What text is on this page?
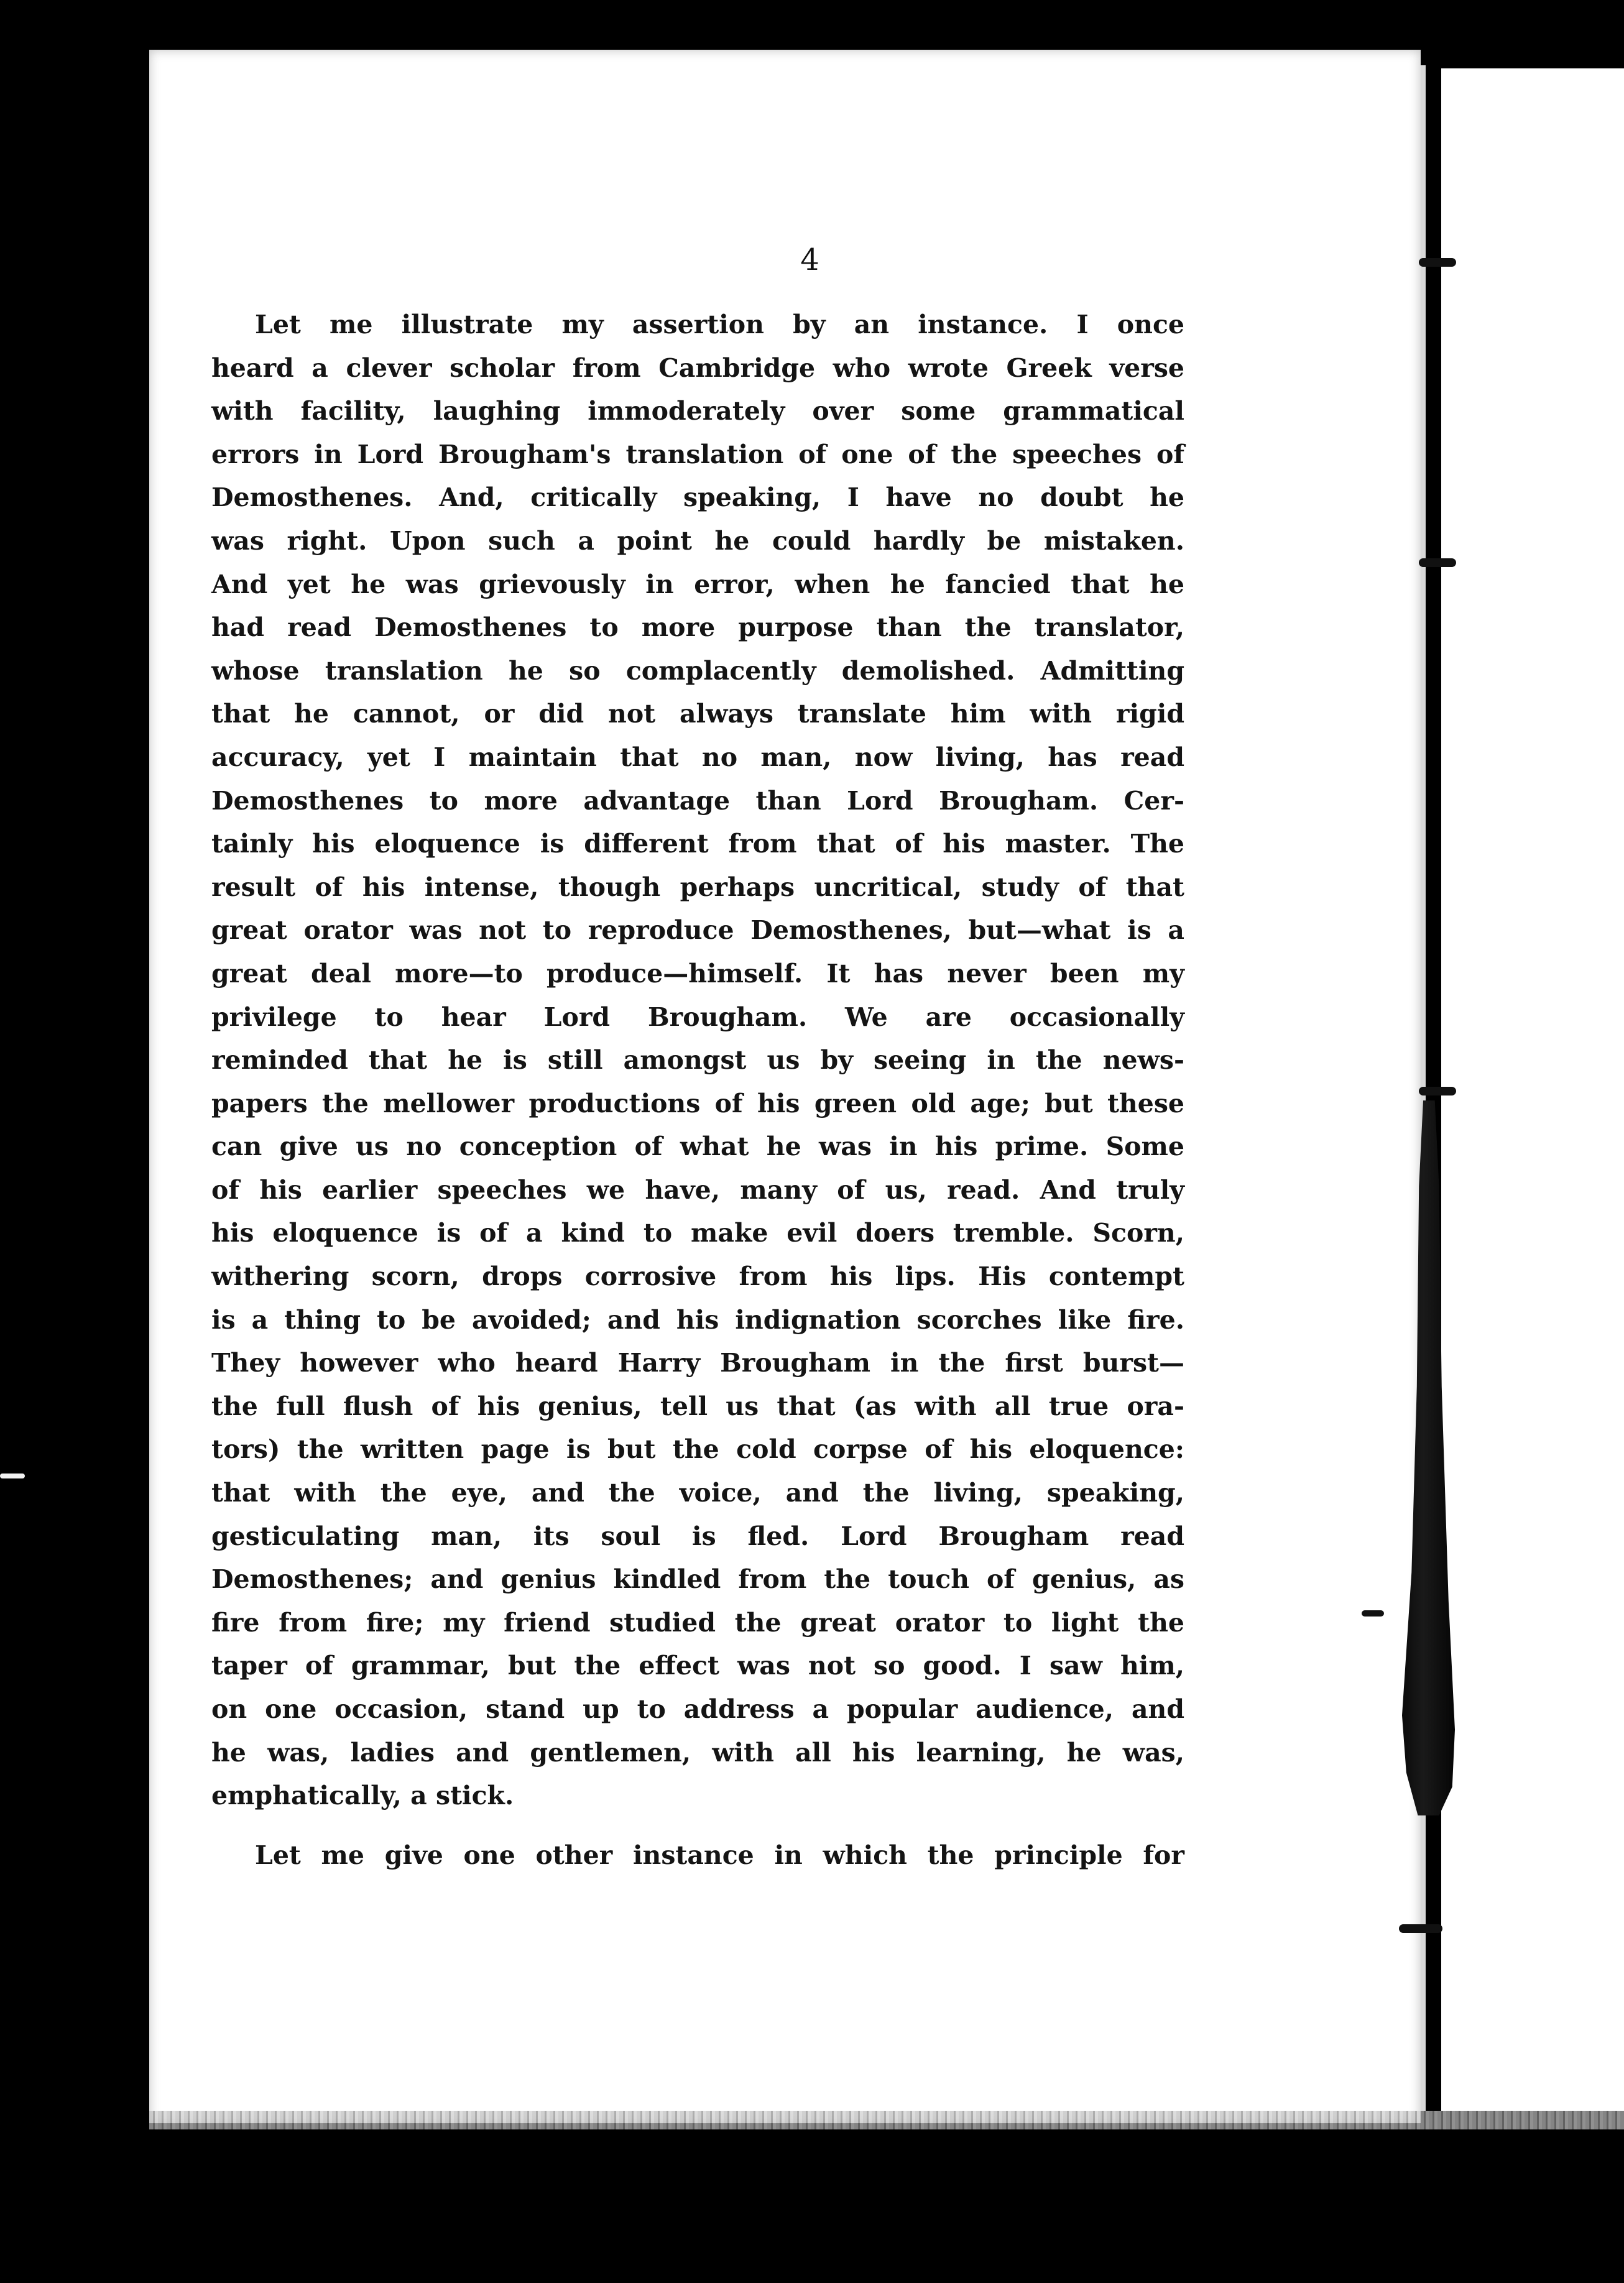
4
Let me illustrate my assertion by an instance. I once
heard a clever scholar from Cambridge who wrote Greek verse
with facility, laughing immoderately over some grammatical
errors in Lord Brougham's translation of one of the speeches of
Demosthenes. And, critically speaking, I have no doubt he
was right. Upon such a point he could hardly be mistaken.
And yet he was grievously in error, when he fancied that he
had read Demosthenes to more purpose than the translator,
whose translation he so complacently demolished. Admitting
that he cannot, or did not always translate him with rigid
accuracy, yet I maintain that no man, now living, has read
Demosthenes to more advantage than Lord Brougham. Cer-
tainly his eloquence is different from that of his master. The
result of his intense, though perhaps uncritical, study of that
great orator was not to reproduce Demosthenes, but—what is a
great deal more—to produce—himself. It has never been my
privilege to hear Lord Brougham. We are occasionally
reminded that he is still amongst us by seeing in the news-
papers the mellower productions of his green old age; but these
can give us no conception of what he was in his prime. Some
of his earlier speeches we have, many of us, read. And truly
his eloquence is of a kind to make evil doers tremble. Scorn,
withering scorn, drops corrosive from his lips. His contempt
is a thing to be avoided; and his indignation scorches like fire.
They however who heard Harry Brougham in the first burst—
the full flush of his genius, tell us that (as with all true ora-
tors) the written page is but the cold corpse of his eloquence:
that with the eye, and the voice, and the living, speaking,
gesticulating man, its soul is fled. Lord Brougham read
Demosthenes; and genius kindled from the touch of genius, as
fire from fire; my friend studied the great orator to light the
taper of grammar, but the effect was not so good. I saw him,
on one occasion, stand up to address a popular audience, and
he was, ladies and gentlemen, with all his learning, he was,
emphatically, a stick.
Let me give one other instance in which the principle for
